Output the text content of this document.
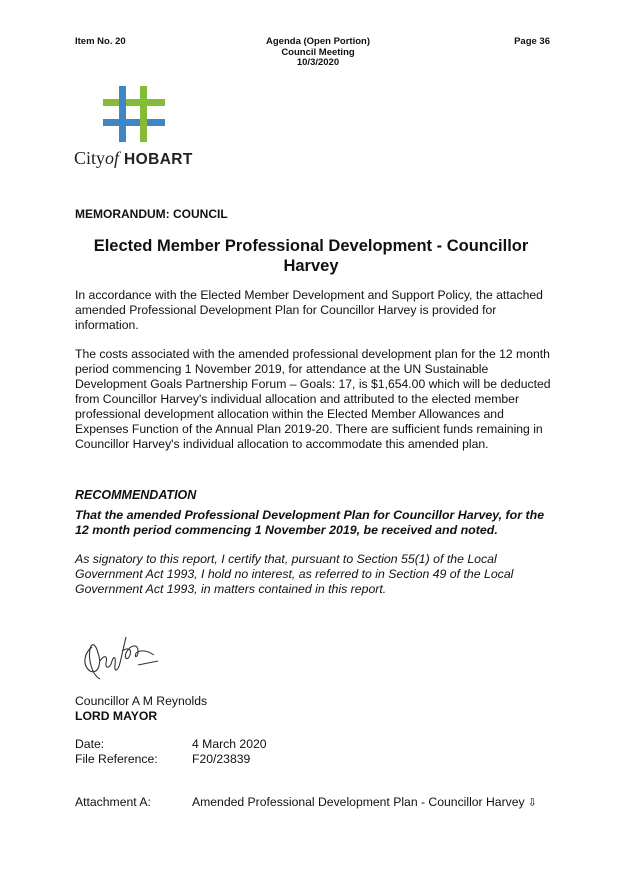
Item No. 20	Agenda (Open Portion)
Council Meeting
10/3/2020
Page 36
Cityof HOBART
MEMORANDUM: COUNCIL
Elected Member Professional Development - Councillor Harvey

In accordance with the Elected Member Development and Support Policy, the attached amended Professional Development Plan for Councillor Harvey is provided for information.

The costs associated with the amended professional development plan for the 12 month period commencing 1 November 2019, for attendance at the UN Sustainable Development Goals Partnership Forum – Goals: 17, is $1,654.00 which will be deducted from Councillor Harvey's individual allocation and attributed to the elected member professional development allocation within the Elected Member Allowances and Expenses Function of the Annual Plan 2019-20. There are sufficient funds remaining in Councillor Harvey's individual allocation to accommodate this amended plan.

RECOMMENDATION

That the amended Professional Development Plan for Councillor Harvey, for the 12 month period commencing 1 November 2019, be received and noted.

As signatory to this report, I certify that, pursuant to Section 55(1) of the Local Government Act 1993, I hold no interest, as referred to in Section 49 of the Local Government Act 1993, in matters contained in this report.

Councillor A M Reynolds
LORD MAYOR
Date:	4 March 2020
File Reference:	F20/23839
Attachment A:	Amended Professional Development Plan - Councillor Harvey ⇩
